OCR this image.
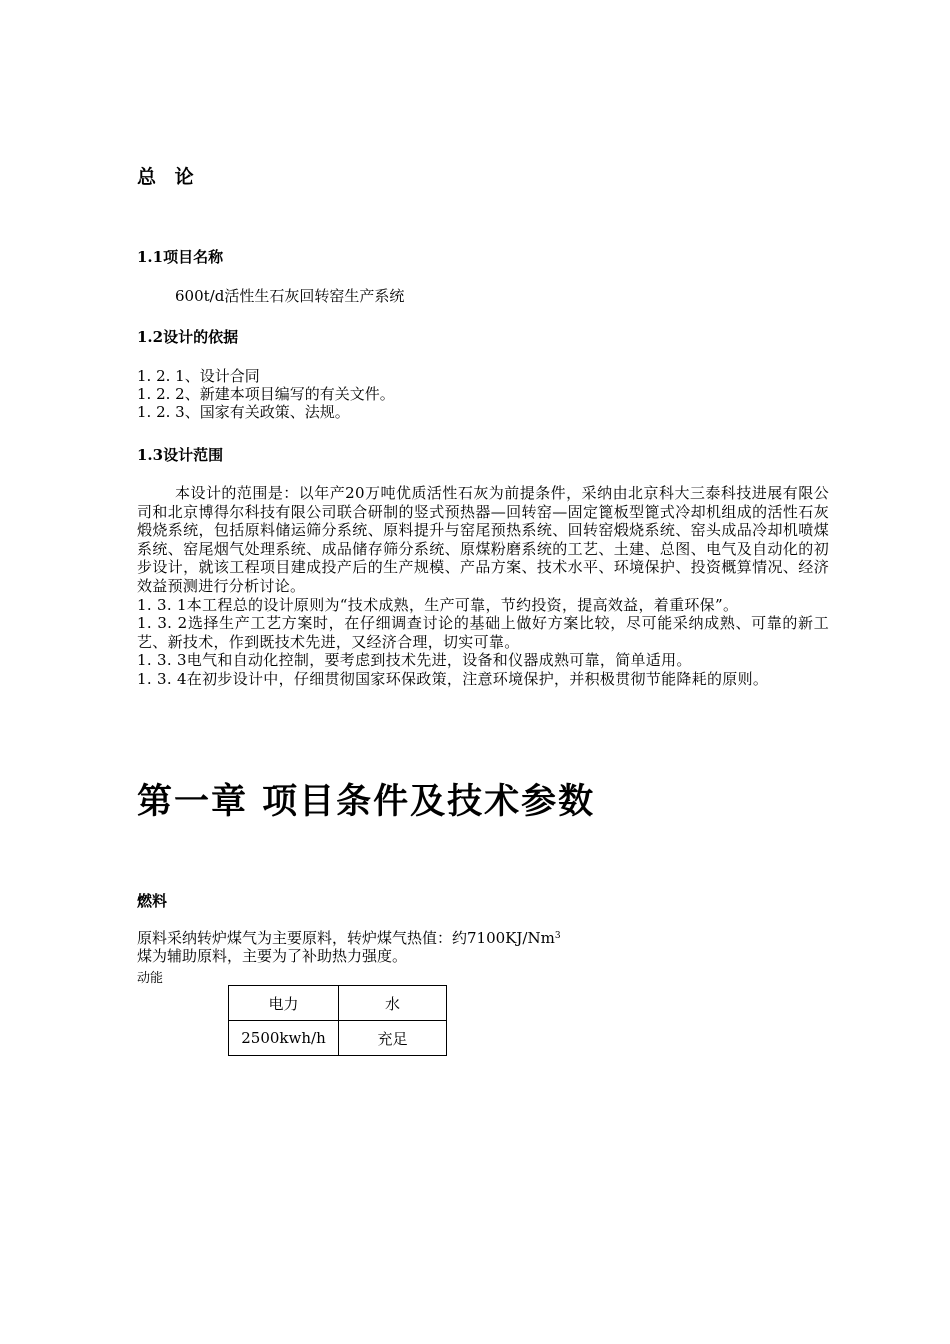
总 论
1.1项目名称
600t/d活性生石灰回转窑生产系统
1.2设计的依据
1. 2. 1、设计合同
1. 2. 2、新建本项目编写的有关文件。
1. 2. 3、国家有关政策、法规。
1.3设计范围
本设计的范围是：以年产20万吨优质活性石灰为前提条件，采纳由北京科大三泰科技进展有限公司和北京博得尔科技有限公司联合研制的竖式预热器—回转窑—固定篦板型篦式冷却机组成的活性石灰煅烧系统，包括原料储运筛分系统、原料提升与窑尾预热系统、回转窑煅烧系统、窑头成品冷却机喷煤系统、窑尾烟气处理系统、成品储存筛分系统、原煤粉磨系统的工艺、土建、总图、电气及自动化的初步设计，就该工程项目建成投产后的生产规模、产品方案、技术水平、环境保护、投资概算情况、经济效益预测进行分析讨论。
1. 3. 1本工程总的设计原则为“技术成熟，生产可靠，节约投资，提高效益，着重环保”。
1. 3. 2选择生产工艺方案时，在仔细调查讨论的基础上做好方案比较，尽可能采纳成熟、可靠的新工艺、新技术，作到既技术先进，又经济合理，切实可靠。
1. 3. 3电气和自动化控制，要考虑到技术先进，设备和仪器成熟可靠，简单适用。
1. 3. 4在初步设计中，仔细贯彻国家环保政策，注意环境保护，并积极贯彻节能降耗的原则。
第一章 项目条件及技术参数
燃料
原料采纳转炉煤气为主要原料，转炉煤气热值：约7100KJ/Nm$^3$
煤为辅助原料，主要为了补助热力强度。
动能
电力	水
2500kwh/h	充足
